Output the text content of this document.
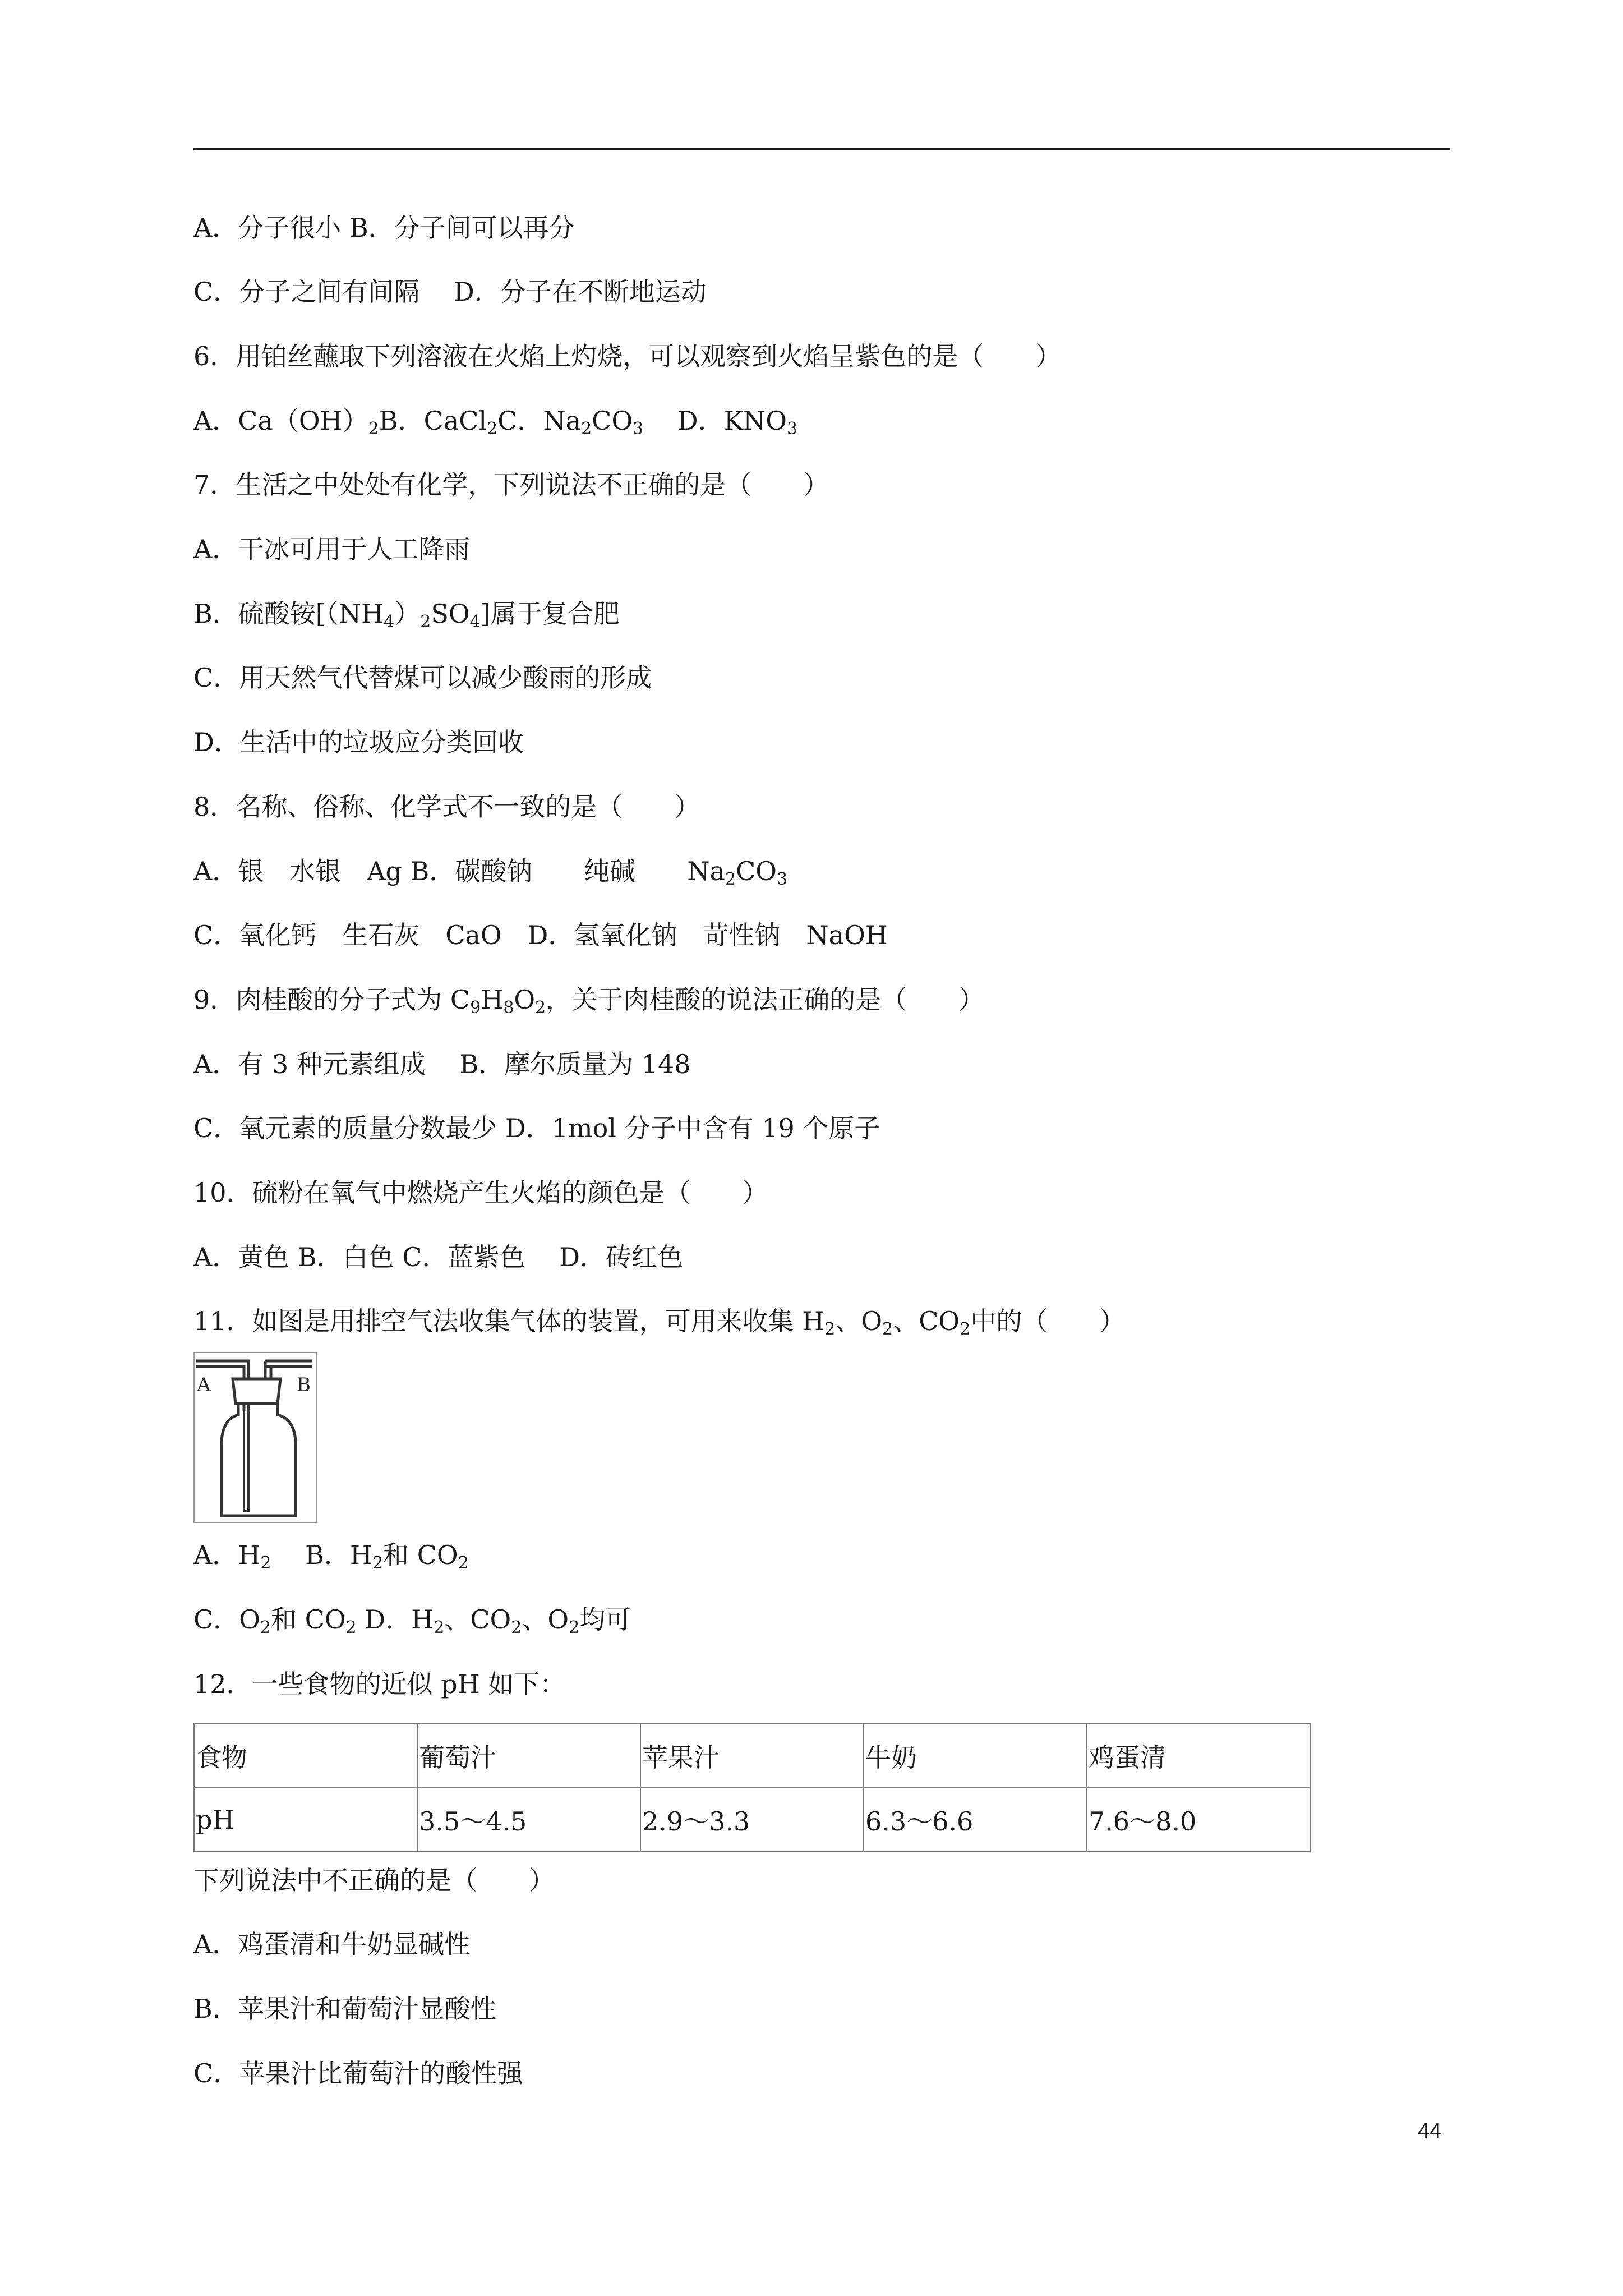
A．分子很小 B．分子间可以再分
C．分子之间有间隔　 D．分子在不断地运动
6．用铂丝蘸取下列溶液在火焰上灼烧，可以观察到火焰呈紫色的是（　　）
A．$Ca(OH)_2B$．CaCl$_2$C．$Na_2CO_3$　 D．$KNO_3$
7．生活之中处处有化学，下列说法不正确的是（　　）
A．干冰可用于人工降雨
B．硫酸铵$[(NH_4)_2SO_4]$属于复合肥
C．用天然气代替煤可以减少酸雨的形成
D．生活中的垃圾应分类回收
8．名称、俗称、化学式不一致的是（　　）
A．银　水银　Ag B．碳酸钠　　纯碱　　$Na_2CO_3$
C．氧化钙　生石灰　CaO　D．氢氧化钠　苛性钠　NaOH
9．肉桂酸的分子式为 $C_9H_8O_2$，关于肉桂酸的说法正确的是（　　）
A．有 3 种元素组成　 B．摩尔质量为 148
C．氧元素的质量分数最少 D．1mol 分子中含有 19 个原子
10．硫粉在氧气中燃烧产生火焰的颜色是（　　）
A．黄色 B．白色 C．蓝紫色　 D．砖红色
11．如图是用排空气法收集气体的装置，可用来收集 $H_2$、$O_2$、$CO_2$中的（　　）
A	B
A．$H_2$　 B．$H_2$和 $CO_2$
C．$O_2$和 $CO_2$ D．$H_2$、$CO_2$、$O_2$均可
12．一些食物的近似 pH 如下：
食物	葡萄汁	苹果汁	牛奶	鸡蛋清
pH	3.5～4.5	2.9～3.3	6.3～6.6	7.6～8.0
下列说法中不正确的是（　　）
A．鸡蛋清和牛奶显碱性
B．苹果汁和葡萄汁显酸性
C．苹果汁比葡萄汁的酸性强
44
